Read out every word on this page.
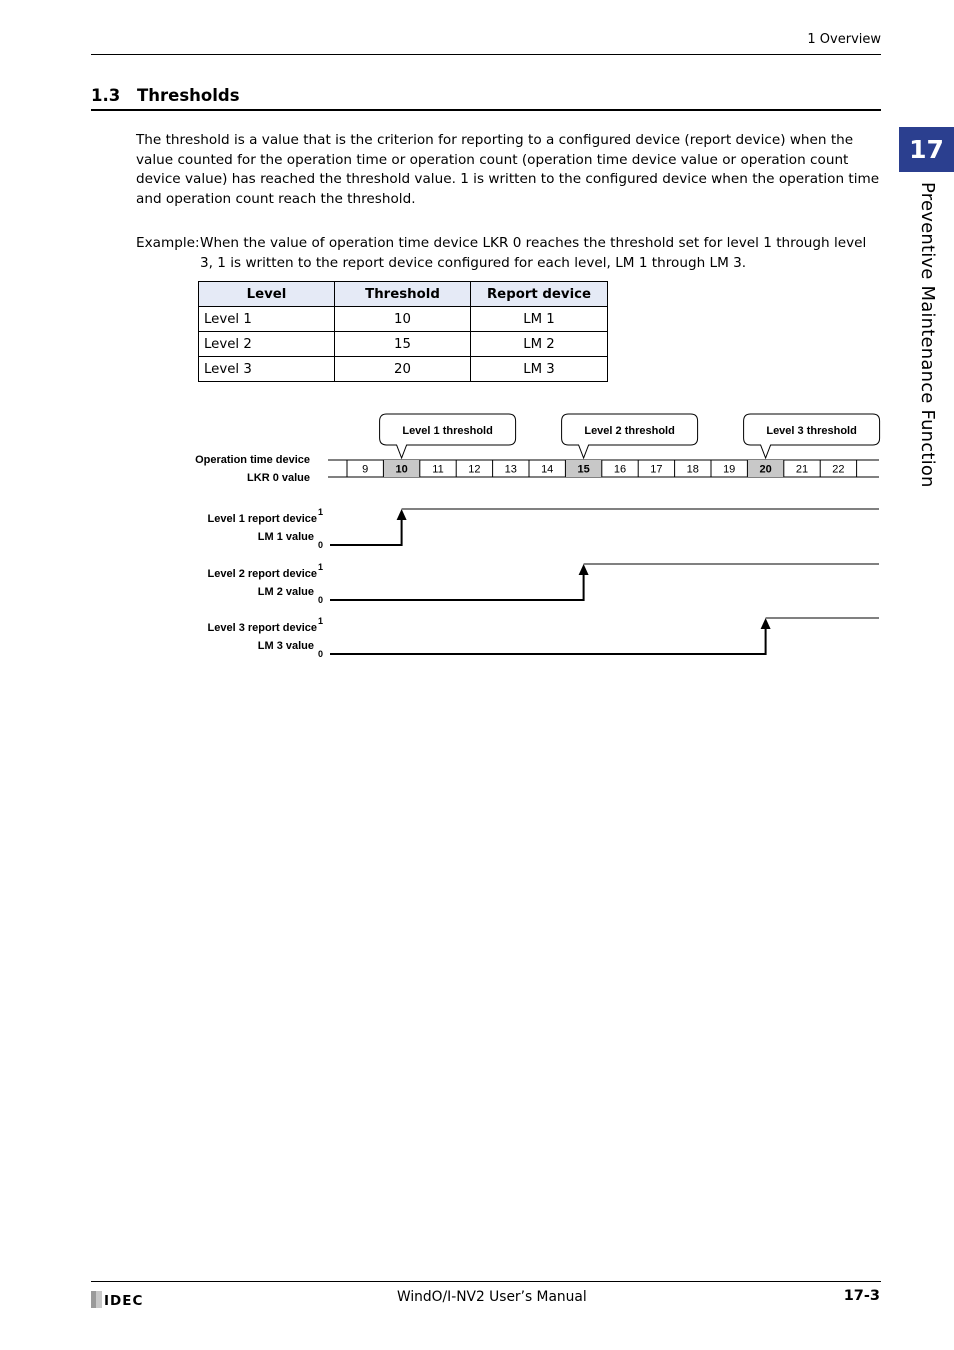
1 Overview
1.3 Thresholds
The threshold is a value that is the criterion for reporting to a configured device (report device) when the value counted for the operation time or operation count (operation time device value or operation count device value) has reached the threshold value. 1 is written to the configured device when the operation time and operation count reach the threshold.
Example: When the value of operation time device LKR 0 reaches the threshold set for level 1 through level 3, 1 is written to the report device configured for each level, LM 1 through LM 3.
Level	Threshold	Report device
Level 1	10	LM 1
Level 2	15	LM 2
Level 3	20	LM 3
Operation time device
LKR 0 value
9 10 11 12 13 14 15 16 17 18 19 20 21 22
Level 1 threshold	Level 2 threshold	Level 3 threshold
Level 1 report device
LM 1 value
1
0
Level 2 report device
LM 2 value
1
0
Level 3 report device
LM 3 value
1
0
17
Preventive Maintenance Function
IDEC	WindO/I-NV2 User’s Manual	17-3
